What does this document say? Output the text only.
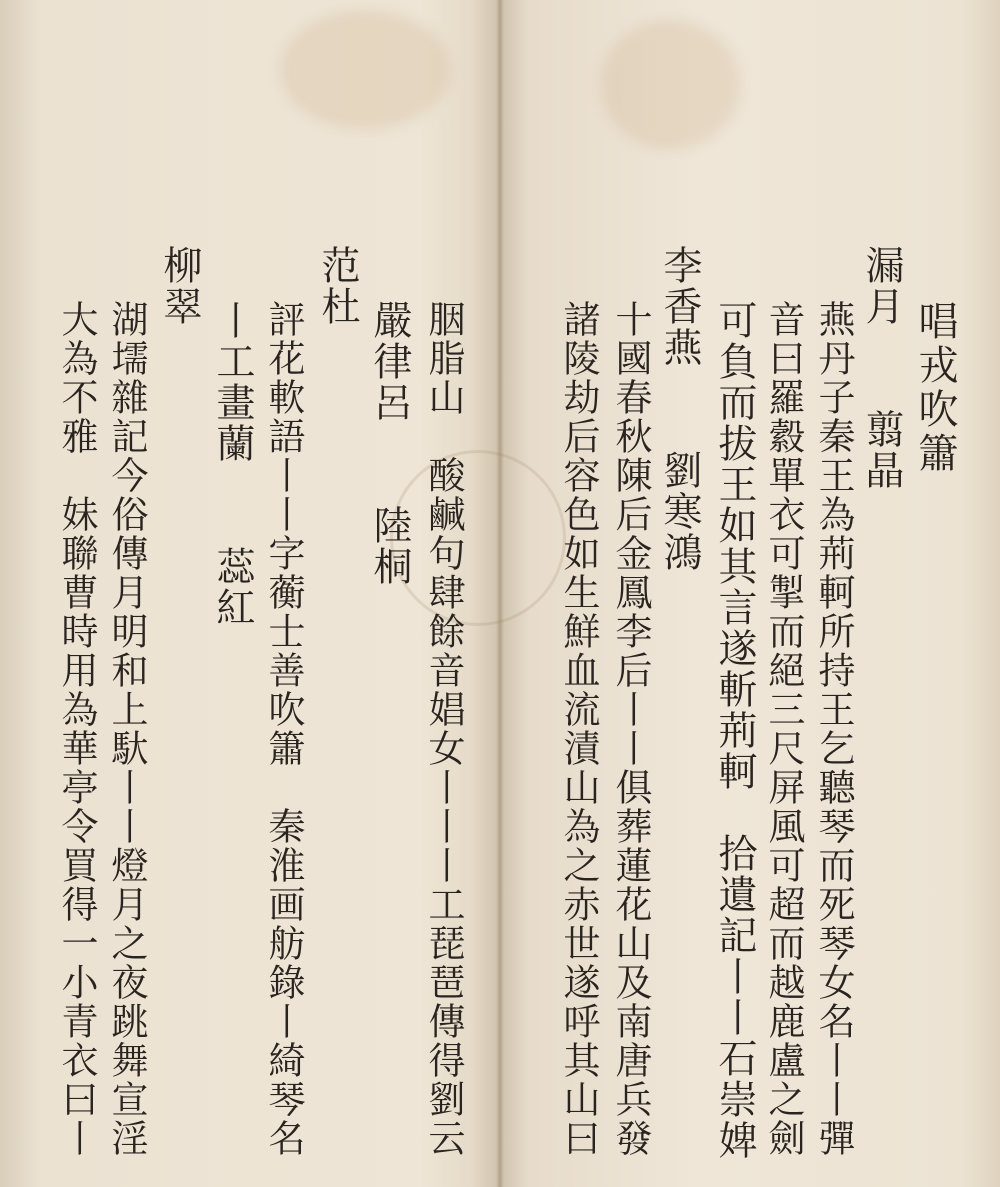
唱戎吹簫
漏月　　翦晶
燕丹子秦王為荊軻所持王乞聽琴而死琴女名丨丨彈
音曰羅縠單衣可掣而絕三尺屏風可超而越鹿盧之劍
可負而拔王如其言遂斬荊軻　拾遺記丨丨石崇婢
李香燕　　劉寒鴻
十國春秋陳后金鳳李后丨丨俱葬蓮花山及南唐兵發
諸陵劫后容色如生鮮血流漬山為之赤世遂呼其山曰
胭脂山　酸鹹句肆餘音娼女丨丨丨工琵琶傳得劉云
嚴律呂　　陸桐
范杜
評花軟語丨丨字蘅士善吹簫　秦淮画舫錄丨綺琴名
丨工畫蘭　　蕊紅
柳翠
湖壖雜記今俗傳月明和上馱丨丨燈月之夜跳舞宣淫
大為不雅　妹聯曹時用為華亭令買得一小青衣曰丨
